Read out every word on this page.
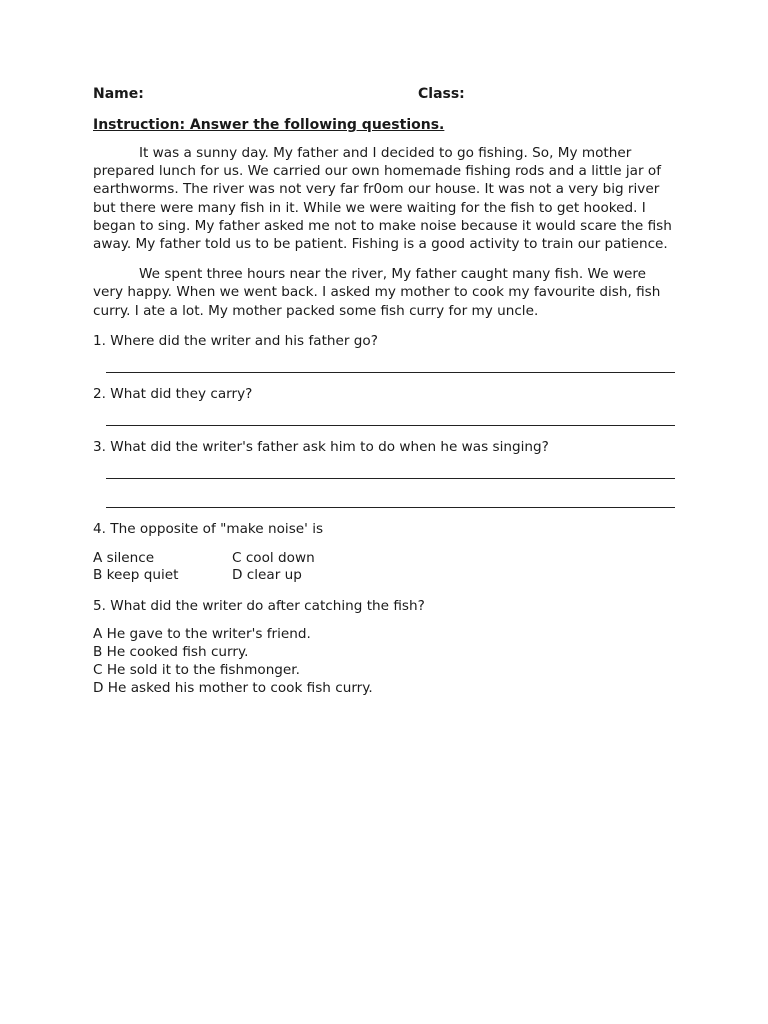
Name:	Class:
Instruction: Answer the following questions.
It was a sunny day. My father and I decided to go fishing. So, My mother prepared lunch for us. We carried our own homemade fishing rods and a little jar of earthworms. The river was not very far fr0om our house. It was not a very big river but there were many fish in it. While we were waiting for the fish to get hooked. I began to sing. My father asked me not to make noise because it would scare the fish away. My father told us to be patient. Fishing is a good activity to train our patience.
We spent three hours near the river, My father caught many fish. We were very happy. When we went back. I asked my mother to cook my favourite dish, fish curry. I ate a lot. My mother packed some fish curry for my uncle.
1. Where did the writer and his father go?
2. What did they carry?
3. What did the writer's father ask him to do when he was singing?
4. The opposite of "make noise' is
A silence	C cool down
B keep quiet	D clear up
5. What did the writer do after catching the fish?
A He gave to the writer's friend.
B He cooked fish curry.
C He sold it to the fishmonger.
D He asked his mother to cook fish curry.
